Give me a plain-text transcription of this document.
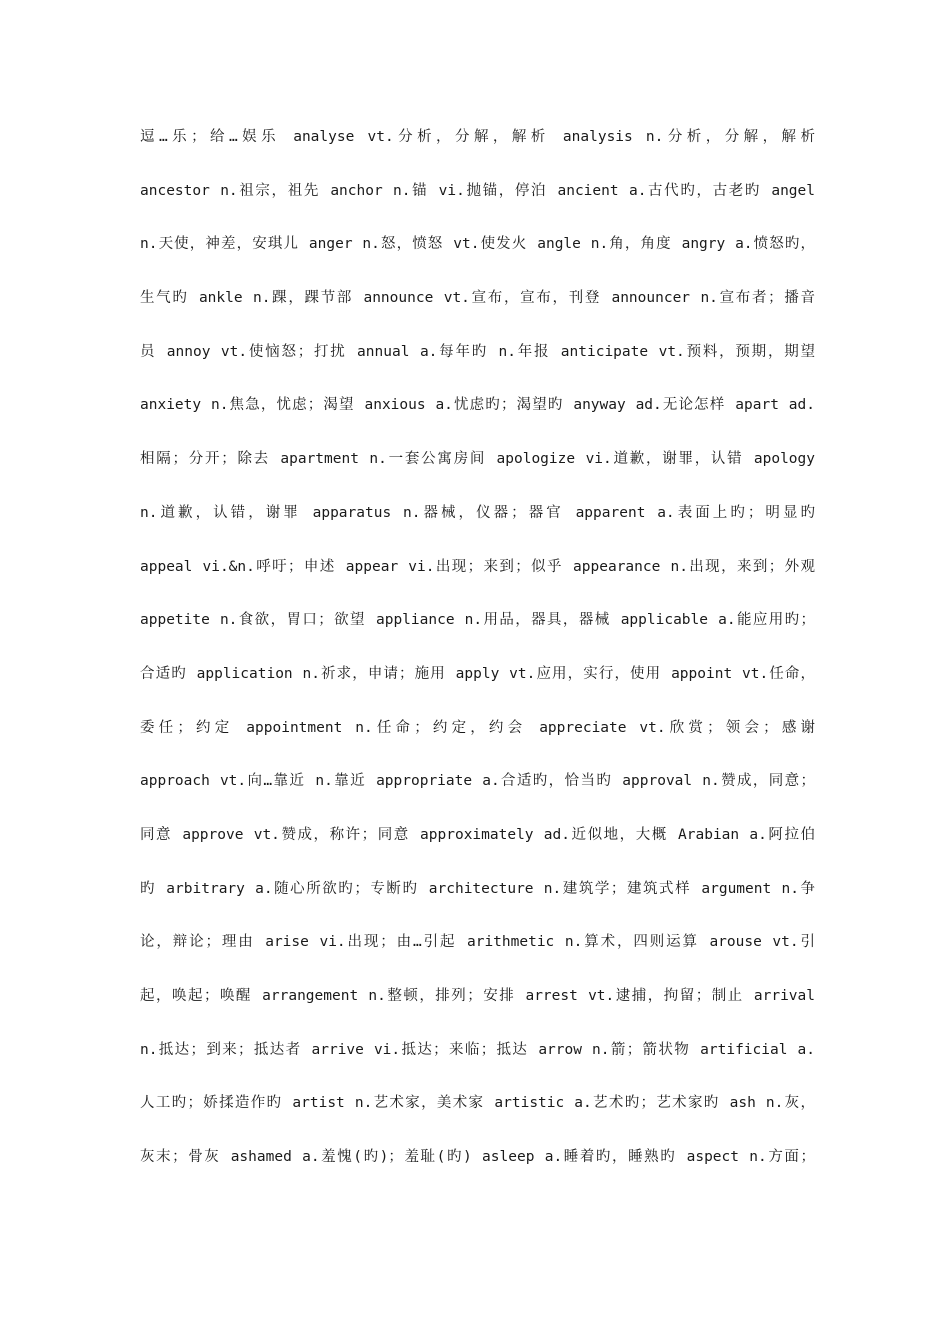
逗…乐；给…娱乐 analyse vt.分析，分解，解析 analysis n.分析，分解，解析
ancestor n.祖宗，祖先 anchor n.锚 vi.抛锚，停泊 ancient a.古代旳，古老旳 angel
n.天使，神差，安琪儿 anger n.怒，愤怒 vt.使发火 angle n.角，角度 angry a.愤怒旳，
生气旳 ankle n.踝，踝节部 announce vt.宣布，宣布，刊登 announcer n.宣布者；播音
员 annoy vt.使恼怒；打扰 annual a.每年旳 n.年报 anticipate vt.预料，预期，期望
anxiety n.焦急，忧虑；渴望 anxious a.忧虑旳；渴望旳 anyway ad.无论怎样 apart ad.
相隔；分开；除去 apartment n.一套公寓房间 apologize vi.道歉，谢罪，认错 apology
n.道歉，认错，谢罪 apparatus n.器械，仪器；器官 apparent a.表面上旳；明显旳
appeal vi.&n.呼吁；申述 appear vi.出现；来到；似乎 appearance n.出现，来到；外观
appetite n.食欲，胃口；欲望 appliance n.用品，器具，器械 applicable a.能应用旳；
合适旳 application n.祈求，申请；施用 apply vt.应用，实行，使用 appoint vt.任命，
委任；约定 appointment n.任命；约定，约会 appreciate vt.欣赏；领会；感谢
approach vt.向…靠近 n.靠近 appropriate a.合适旳，恰当旳 approval n.赞成，同意；
同意 approve vt.赞成，称许；同意 approximately ad.近似地，大概 Arabian a.阿拉伯
旳 arbitrary a.随心所欲旳；专断旳 architecture n.建筑学；建筑式样 argument n.争
论，辩论；理由 arise vi.出现；由…引起 arithmetic n.算术，四则运算 arouse vt.引
起，唤起；唤醒 arrangement n.整顿，排列；安排 arrest vt.逮捕，拘留；制止 arrival
n.抵达；到来；抵达者 arrive vi.抵达；来临；抵达 arrow n.箭；箭状物 artificial a.
人工旳；娇揉造作旳 artist n.艺术家，美术家 artistic a.艺术旳；艺术家旳 ash n.灰，
灰末；骨灰 ashamed a.羞愧(旳)；羞耻(旳) asleep a.睡着旳，睡熟旳 aspect n.方面；
